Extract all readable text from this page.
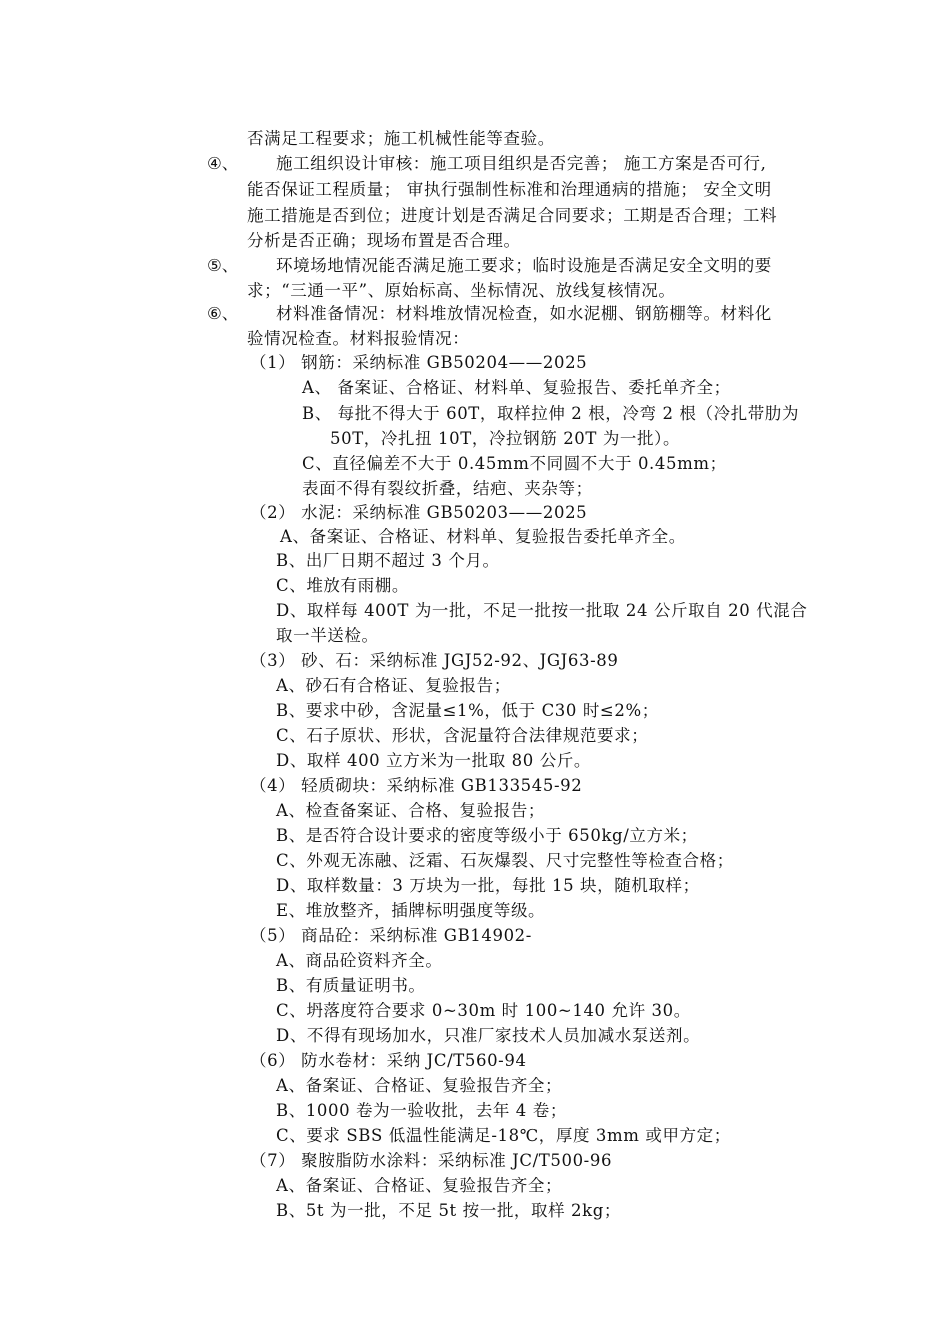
否满足工程要求；施工机械性能等查验。
④、 施工组织设计审核：施工项目组织是否完善； 施工方案是否可行,
能否保证工程质量； 审执行强制性标准和治理通病的措施； 安全文明
施工措施是否到位；进度计划是否满足合同要求；工期是否合理；工料
分析是否正确；现场布置是否合理。
⑤、 环境场地情况能否满足施工要求；临时设施是否满足安全文明的要
求；“三通一平”、原始标高、坐标情况、放线复核情况。
⑥、 材料准备情况：材料堆放情况检查，如水泥棚、钢筋棚等。材料化
验情况检查。材料报验情况：
（1） 钢筋：采纳标准 GB50204——2025
A、 备案证、合格证、材料单、复验报告、委托单齐全；
B、 每批不得大于 60T，取样拉伸 2 根，冷弯 2 根（冷扎带肋为
50T，冷扎扭 10T，冷拉钢筋 20T 为一批）。
C、直径偏差不大于 0.45mm不同圆不大于 0.45mm；
表面不得有裂纹折叠，结疤、夹杂等；
（2） 水泥：采纳标准 GB50203——2025
A、备案证、合格证、材料单、复验报告委托单齐全。
B、出厂日期不超过 3 个月。
C、堆放有雨棚。
D、取样每 400T 为一批，不足一批按一批取 24 公斤取自 20 代混合
取一半送检。
（3） 砂、石：采纳标准 JGJ52-92、JGJ63-89
A、砂石有合格证、复验报告；
B、要求中砂，含泥量≤1%，低于 C30 时≤2%；
C、石子原状、形状，含泥量符合法律规范要求；
D、取样 400 立方米为一批取 80 公斤。
（4） 轻质砌块：采纳标准 GB133545-92
A、检查备案证、合格、复验报告；
B、是否符合设计要求的密度等级小于 650kg/立方米；
C、外观无冻融、泛霜、石灰爆裂、尺寸完整性等检查合格；
D、取样数量：3 万块为一批，每批 15 块，随机取样；
E、堆放整齐，插牌标明强度等级。
（5） 商品砼：采纳标准 GB14902-
A、商品砼资料齐全。
B、有质量证明书。
C、坍落度符合要求 0~30m 时 100~140 允许 30。
D、不得有现场加水，只准厂家技术人员加减水泵送剂。
（6） 防水卷材：采纳 JC/T560-94
A、备案证、合格证、复验报告齐全；
B、1000 卷为一验收批，去年 4 卷；
C、要求 SBS 低温性能满足-18℃，厚度 3mm 或甲方定；
（7） 聚胺脂防水涂料：采纳标准 JC/T500-96
A、备案证、合格证、复验报告齐全；
B、5t 为一批，不足 5t 按一批，取样 2kg；
